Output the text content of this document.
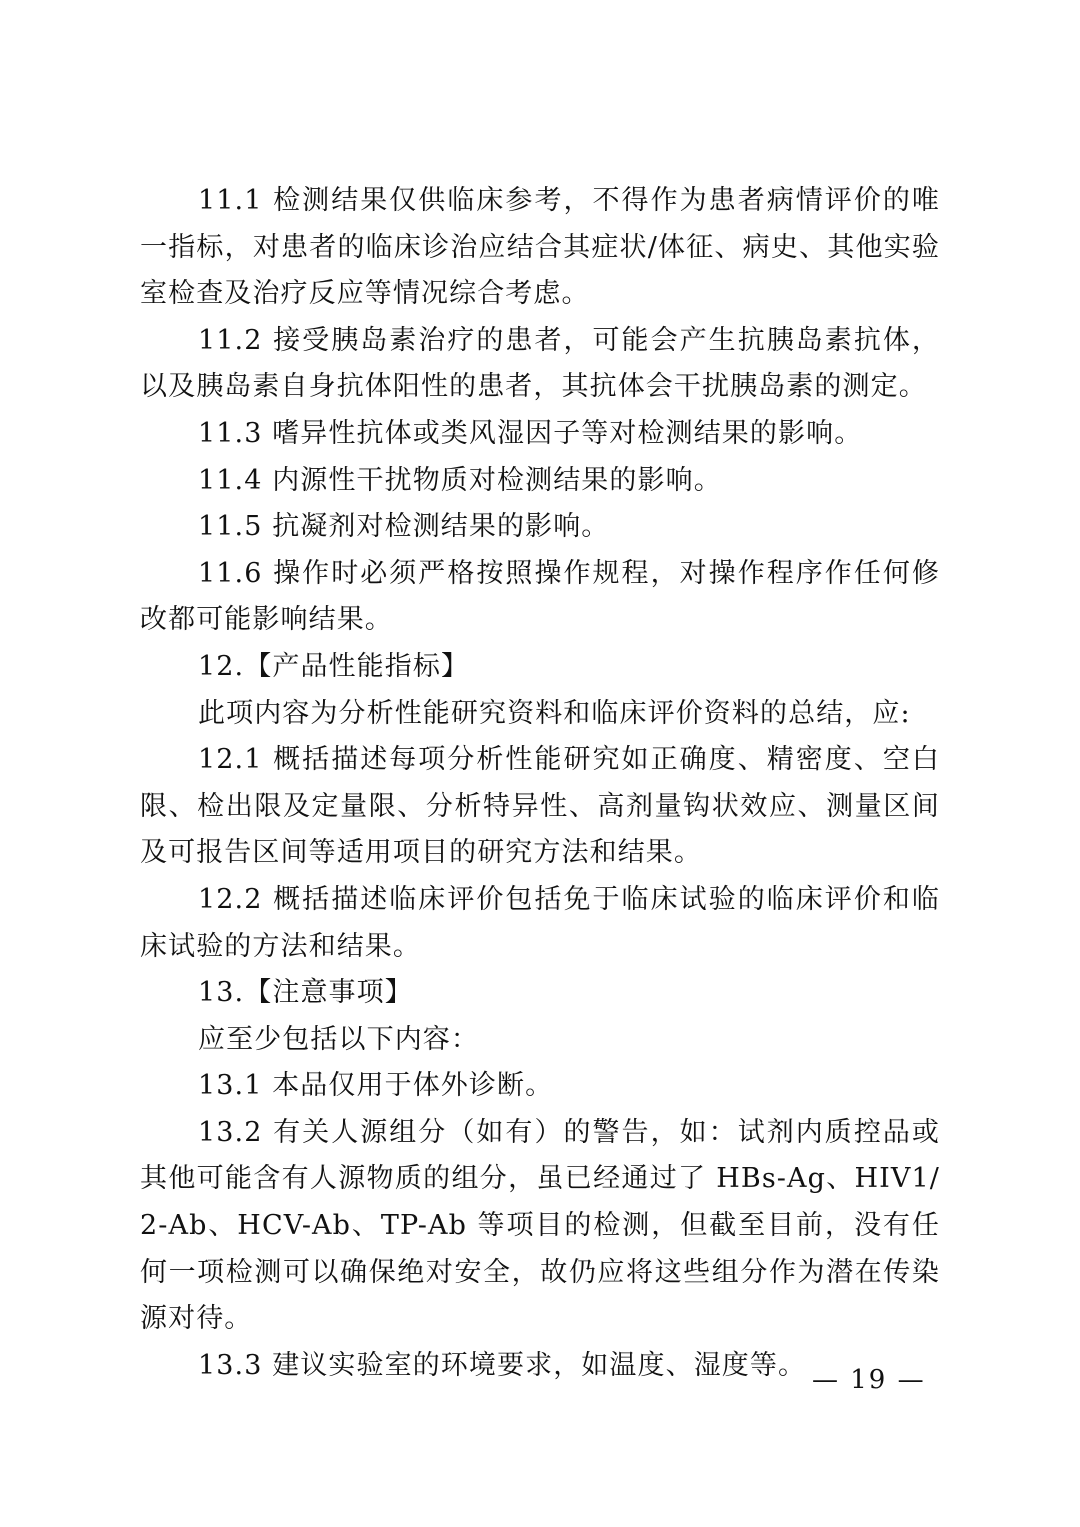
11.1 检测结果仅供临床参考，不得作为患者病情评价的唯一指标，对患者的临床诊治应结合其症状/体征、病史、其他实验室检查及治疗反应等情况综合考虑。

11.2 接受胰岛素治疗的患者，可能会产生抗胰岛素抗体，以及胰岛素自身抗体阳性的患者，其抗体会干扰胰岛素的测定。

11.3 嗜异性抗体或类风湿因子等对检测结果的影响。

11.4 内源性干扰物质对检测结果的影响。

11.5 抗凝剂对检测结果的影响。

11.6 操作时必须严格按照操作规程，对操作程序作任何修改都可能影响结果。

12.【产品性能指标】

此项内容为分析性能研究资料和临床评价资料的总结，应:

12.1 概括描述每项分析性能研究如正确度、精密度、空白限、检出限及定量限、分析特异性、高剂量钩状效应、测量区间及可报告区间等适用项目的研究方法和结果。

12.2 概括描述临床评价包括免于临床试验的临床评价和临床试验的方法和结果。

13.【注意事项】

应至少包括以下内容：

13.1 本品仅用于体外诊断。

13.2 有关人源组分（如有）的警告，如：试剂内质控品或其他可能含有人源物质的组分，虽已经通过了 HBs-Ag、HIV1/2-Ab、HCV-Ab、TP-Ab 等项目的检测，但截至目前，没有任何一项检测可以确保绝对安全，故仍应将这些组分作为潜在传染源对待。

13.3 建议实验室的环境要求，如温度、湿度等。 — 19 —
